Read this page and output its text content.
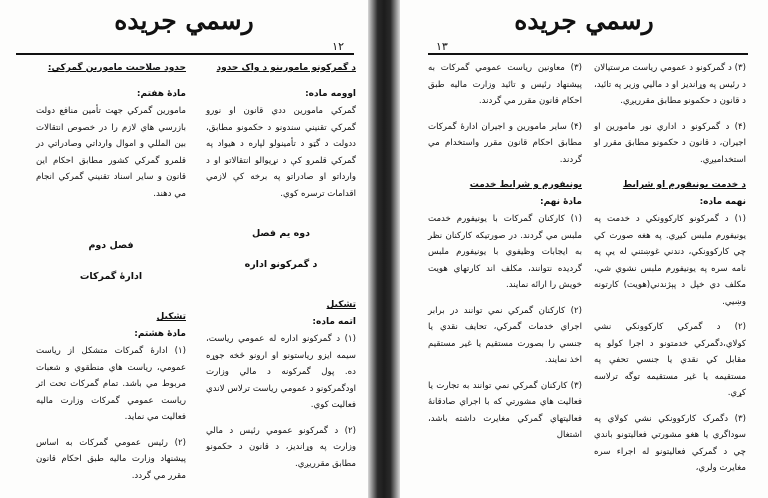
رسمي جريده
۱۲

د گمرکونو مامورينو د واک حدود

اوومه ماده:

گمرکي مامورين ددي قانون او نورو گمرکي تقنيني سندونو د حکمونو مطابق، ددولت د گټو د تأمينولو لپاره د هيواد په گمرکي قلمرو کې د نړيوالو انتقالاتو او د وارداتو او صادراتو په برخه کې لازمي اقدامات ترسره کوي.

دوه يم فصل

د گمرکونو اداره

تشکيل

اتمه ماده:

(۱) د گمرکونو اداره له عمومي رياست، سيمه ايزو رياستونو او ارونو څخه جوړه ده. پول گمرکونه د مالي وزارت اودگمرکونو د عمومي رياست ترلاس لاندي فعاليت کوي.

(۲) د گمرکونو عمومي رئيس د مالي وزارت په وړانديز، د قانون د حکمونو مطابق مقرريږي.

حدود صلاحيت مامورين گمرکي:

مادۀ هفتم:

مامورين گمرکي جهت تأمين منافع دولت بازرسي هاي لازم را در خصوص انتقالات بين المللي و اموال وارداتي وصادراتي در قلمرو گمرکي کشور مطابق احکام اين قانون و ساير اسناد تقنيني گمرکي انجام مي دهند.

فصل دوم

ادارۀ گمرکات

تشکيل

مادۀ هشتم:

(۱) ادارۀ گمرکات متشکل از رياست عمومي، رياست هاي منطقوي و شعبات مربوط مي باشد. تمام گمرکات تحت اثر رياست عمومي گمرکات وزارت ماليه فعاليت مي نمايد.

(۲) رئيس عمومي گمرکات به اساس پيشنهاد وزارت ماليه طبق احکام قانون مقرر مي گردد.

رسمي جريده
۱۳

(۳) د گمرکونو د عمومي رياست مرستيالان د رئيس په وړانديز او د ماليي وزير په تائيد، د قانون د حکمونو مطابق مقرريږي.

(۴) د گمرکونو د اداري نور مامورين او اجيران، د قانون د حکمونو مطابق مقرر او استخداميږي.

د خدمت يونيفورم او شرايط

نهمه ماده:

(۱) د گمرکونو کارکوونکي د خدمت په يونيفورم ملبس کيږي. په هغه صورت کي چي کارکوونکي، دندني غوښتني له يې په نامه سره په يونيفورم ملبس نشوي شي، مکلف دي خپل د پېژندني(هويت) کارتونه وښيي.

(۲) د گمرکي کارکوونکي نشي کولاي،دگمرکي خدمتونو د اجرا کولو په مقابل کي نقدي يا جنسي تحفې په مستقيمه يا غير مستقيمه توگه ترلاسه کړي.

(۳) دگمرک کارکوونکي نشي کولاي په سوداگري يا هغو مشورتي فعاليتونو باندي چي د گمرکي فعاليتونو له اجراء سره مغايرت ولري،

(۳) معاونين رياست عمومي گمرکات به پيشنهاد رئيس و تائيد وزارت ماليه طبق احکام قانون مقرر مي گردند.

(۴) ساير مامورين و اجيران ادارۀ گمرکات مطابق احکام قانون مقرر واستخدام مي گردند.

يونيفورم و شرايط خدمت

مادۀ نهم:

(۱) کارکنان گمرکات با يونيفورم خدمت ملبس مي گردند. در صورتيکه کارکنان نظر به ايجابات وظيفوي با يونيفورم ملبس گرديده نتوانند، مکلف اند کارتهاي هويت خويش را ارائه نمايند.

(۲) کارکنان گمرکي نمي توانند در برابر اجراي خدمات گمرکي، تحايف نقدي يا جنسي را بصورت مستقيم يا غير مستقيم اخذ نمايند.

(۳) کارکنان گمرکي نمي توانند به تجارت يا فعاليت هاي مشورتي که با اجراي صادقانۀ فعاليتهاي گمرکي مغايرت داشته باشد، اشتغال
